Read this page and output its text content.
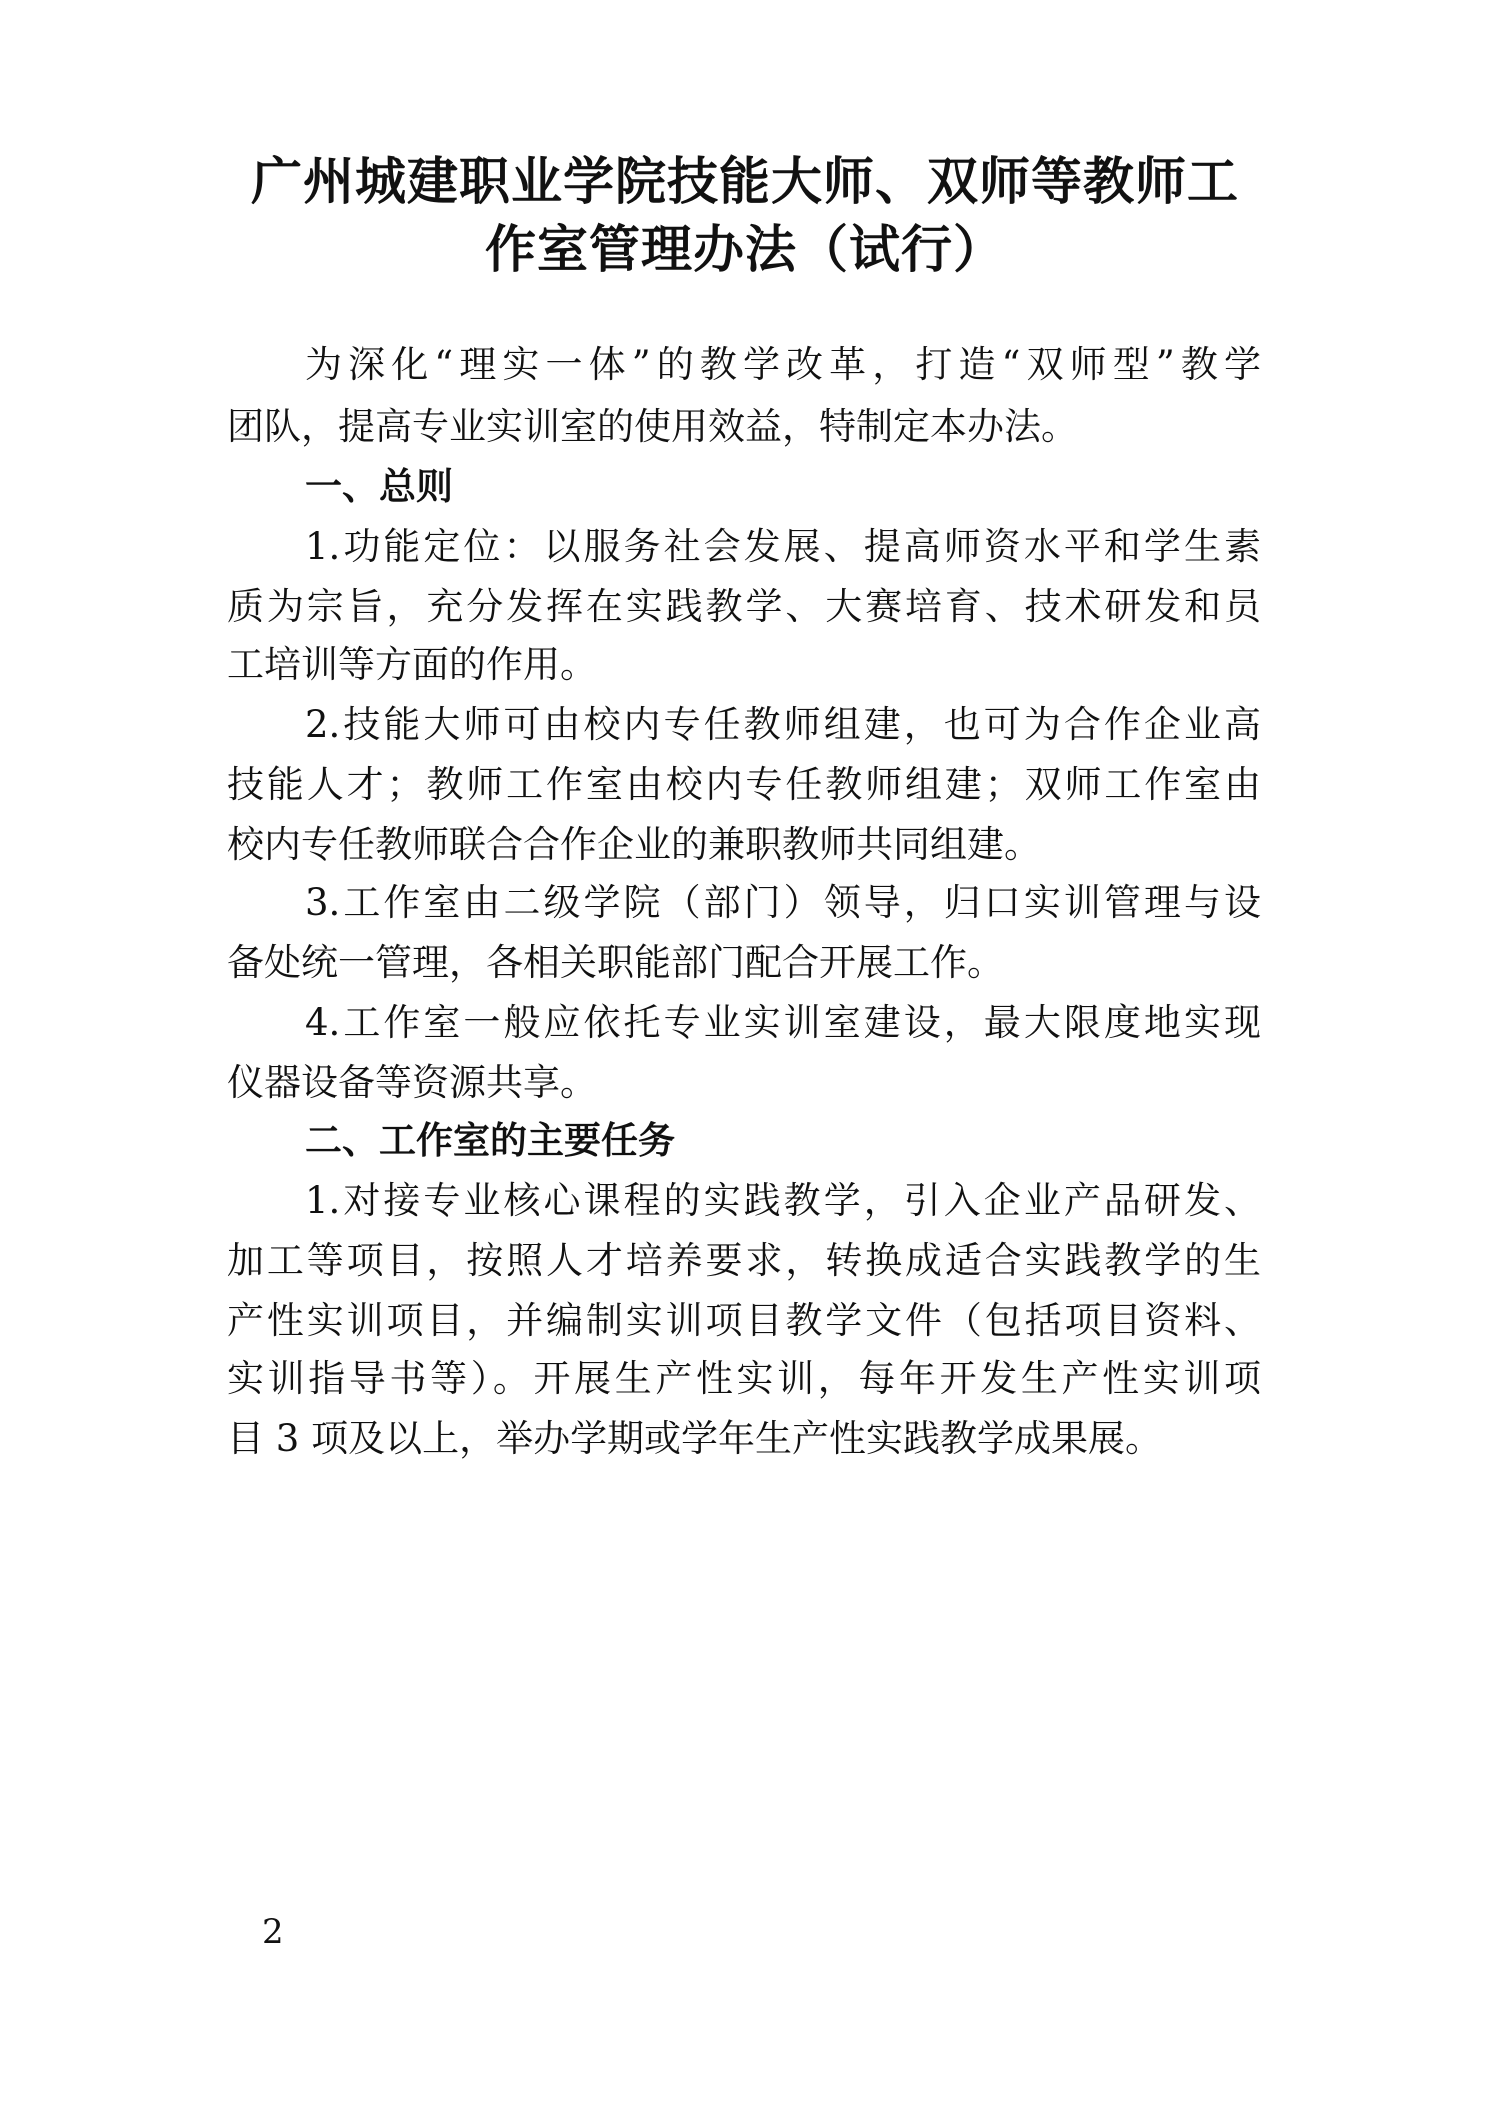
广州城建职业学院技能大师、双师等教师工
作室管理办法（试行）
为深化“理实一体”的教学改革，打造“双师型”教学
团队，提高专业实训室的使用效益，特制定本办法。
一、总则
1.功能定位：以服务社会发展、提高师资水平和学生素
质为宗旨，充分发挥在实践教学、大赛培育、技术研发和员
工培训等方面的作用。
2.技能大师可由校内专任教师组建，也可为合作企业高
技能人才；教师工作室由校内专任教师组建；双师工作室由
校内专任教师联合合作企业的兼职教师共同组建。
3.工作室由二级学院（部门）领导，归口实训管理与设
备处统一管理，各相关职能部门配合开展工作。
4.工作室一般应依托专业实训室建设，最大限度地实现
仪器设备等资源共享。
二、工作室的主要任务
1.对接专业核心课程的实践教学，引入企业产品研发、
加工等项目，按照人才培养要求，转换成适合实践教学的生
产性实训项目，并编制实训项目教学文件（包括项目资料、
实训指导书等）。开展生产性实训，每年开发生产性实训项
目 3 项及以上，举办学期或学年生产性实践教学成果展。
2
